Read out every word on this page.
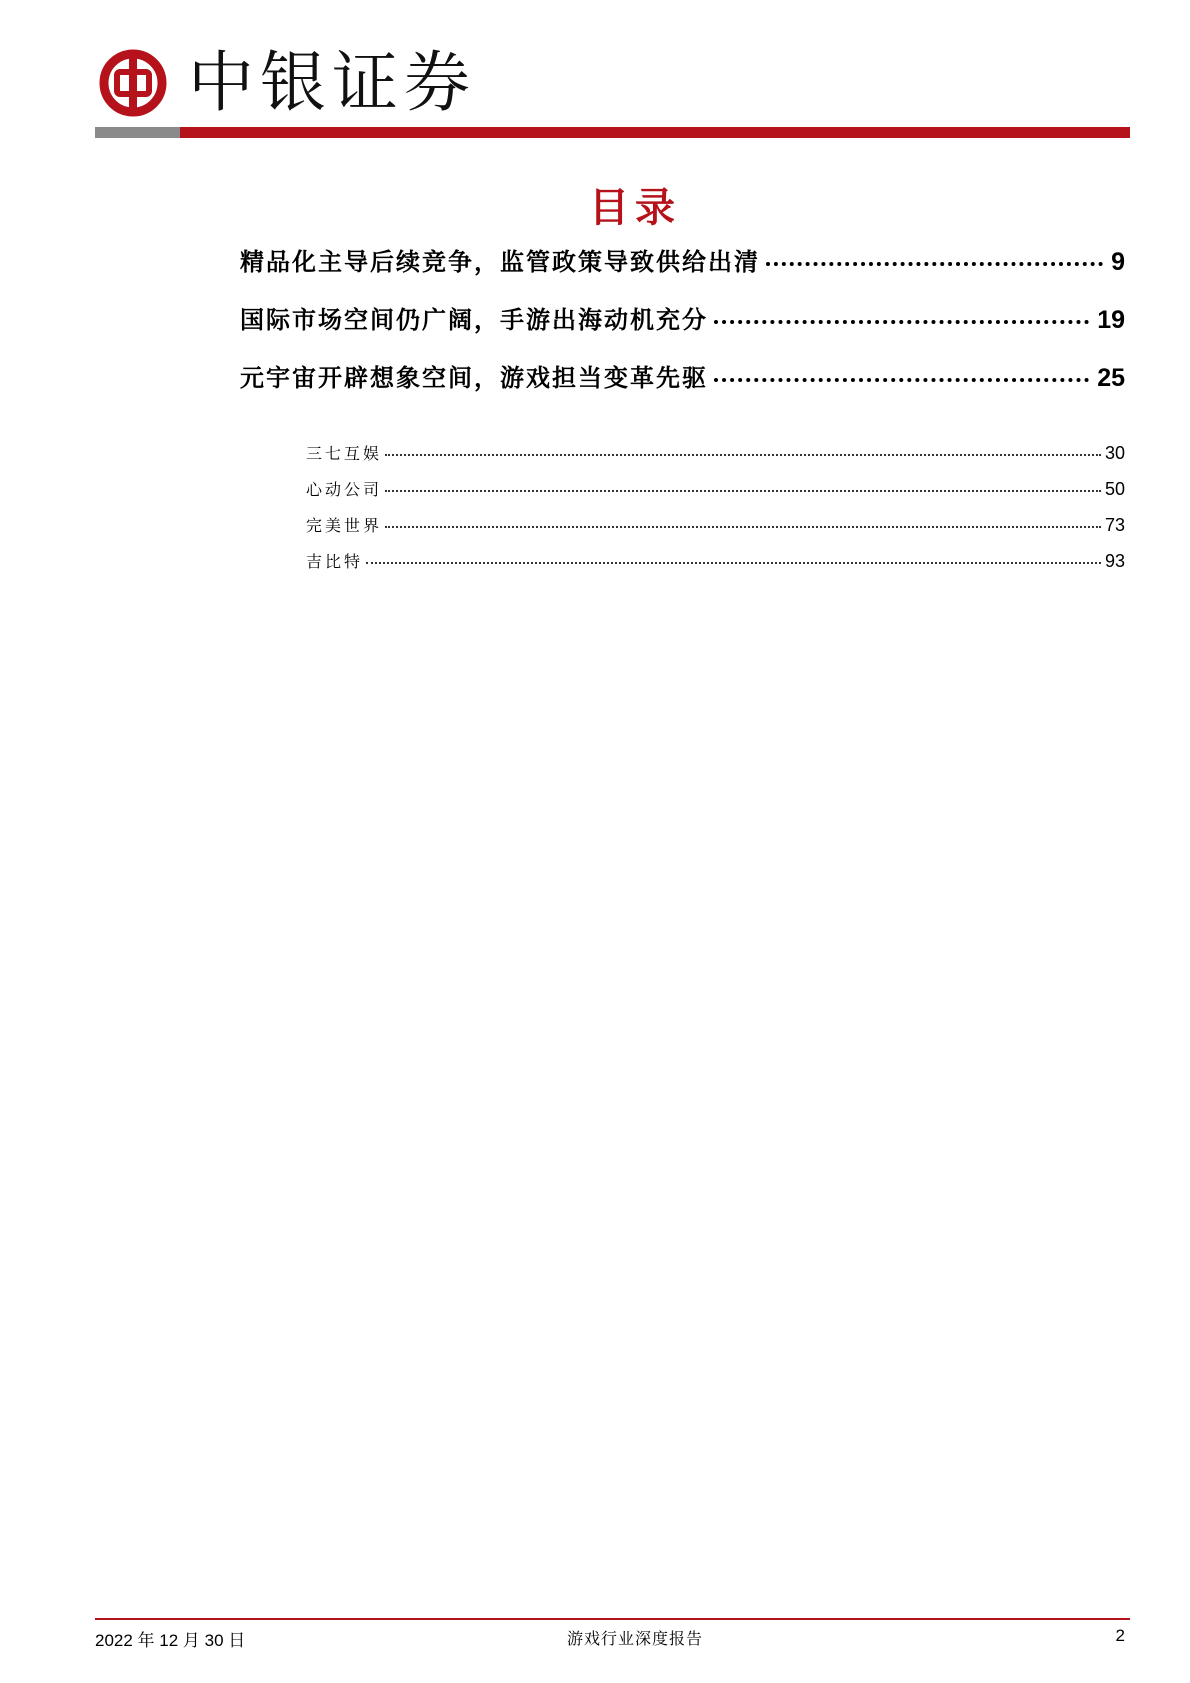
中银证券
目录
精品化主导后续竞争，监管政策导致供给出清	9
国际市场空间仍广阔，手游出海动机充分	19
元宇宙开辟想象空间，游戏担当变革先驱	25
三七互娱	30
心动公司	50
完美世界	73
吉比特	93
2022 年 12 月 30 日	游戏行业深度报告	2
